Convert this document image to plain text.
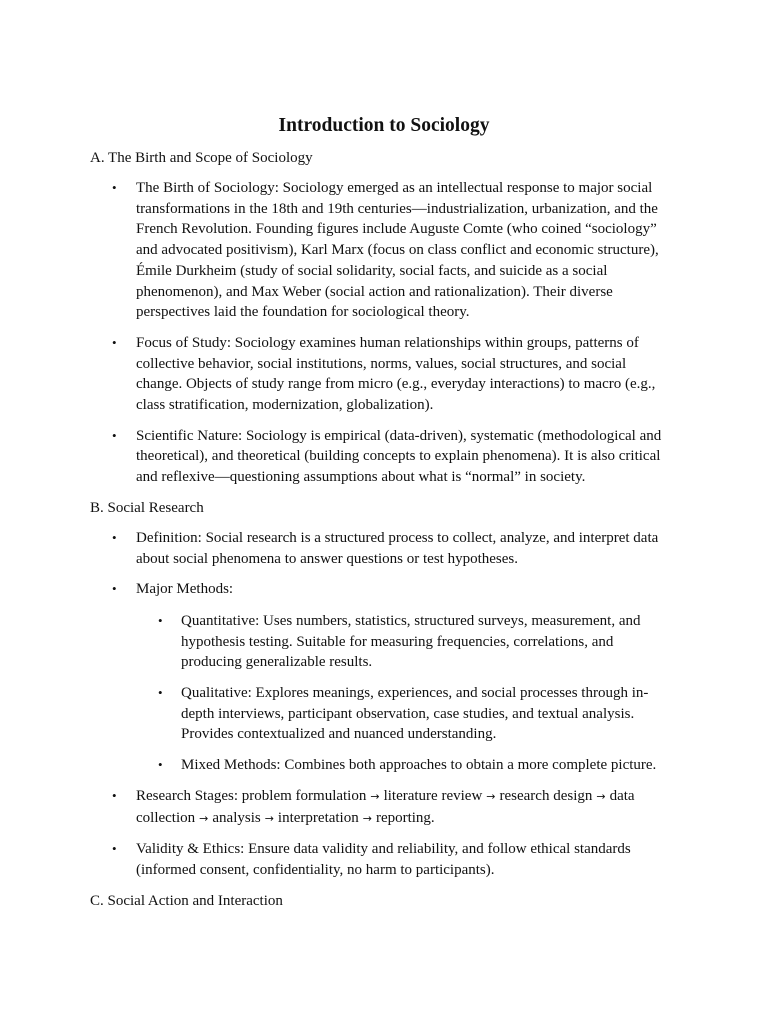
Introduction to Sociology
A. The Birth and Scope of Sociology
• The Birth of Sociology: Sociology emerged as an intellectual response to major social transformations in the 18th and 19th centuries—industrialization, urbanization, and the French Revolution. Founding figures include Auguste Comte (who coined “sociology” and advocated positivism), Karl Marx (focus on class conflict and economic structure), Émile Durkheim (study of social solidarity, social facts, and suicide as a social phenomenon), and Max Weber (social action and rationalization). Their diverse perspectives laid the foundation for sociological theory.
• Focus of Study: Sociology examines human relationships within groups, patterns of collective behavior, social institutions, norms, values, social structures, and social change. Objects of study range from micro (e.g., everyday interactions) to macro (e.g., class stratification, modernization, globalization).
• Scientific Nature: Sociology is empirical (data-driven), systematic (methodological and theoretical), and theoretical (building concepts to explain phenomena). It is also critical and reflexive—questioning assumptions about what is “normal” in society.
B. Social Research
• Definition: Social research is a structured process to collect, analyze, and interpret data about social phenomena to answer questions or test hypotheses.
• Major Methods:
• Quantitative: Uses numbers, statistics, structured surveys, measurement, and hypothesis testing. Suitable for measuring frequencies, correlations, and producing generalizable results.
• Qualitative: Explores meanings, experiences, and social processes through in-depth interviews, participant observation, case studies, and textual analysis. Provides contextualized and nuanced understanding.
• Mixed Methods: Combines both approaches to obtain a more complete picture.
• Research Stages: problem formulation → literature review → research design → data collection → analysis → interpretation → reporting.
• Validity & Ethics: Ensure data validity and reliability, and follow ethical standards (informed consent, confidentiality, no harm to participants).
C. Social Action and Interaction
